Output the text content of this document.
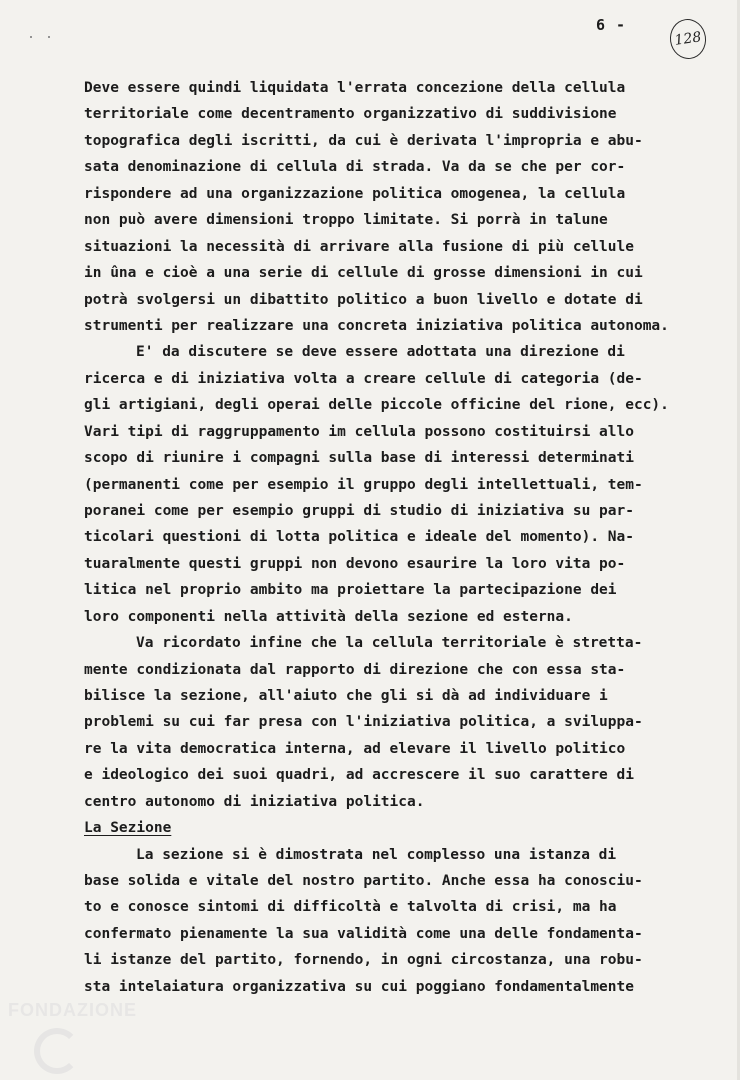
6 -
128
Deve essere quindi liquidata l'errata concezione della cellula
territoriale come decentramento organizzativo di suddivisione
topografica degli iscritti, da cui è derivata l'impropria e abu-
sata denominazione di cellula di strada. Va da se che per cor-
rispondere ad una organizzazione politica omogenea, la cellula
non può avere dimensioni troppo limitate. Si porrà in talune
situazioni la necessità di arrivare alla fusione di più cellule
in ûna e cioè a una serie di cellule di grosse dimensioni in cui
potrà svolgersi un dibattito politico a buon livello e dotate di
strumenti per realizzare una concreta iniziativa politica autonoma.
E' da discutere se deve essere adottata una direzione di
ricerca e di iniziativa volta a creare cellule di categoria (de-
gli artigiani, degli operai delle piccole officine del rione, ecc).
Vari tipi di raggruppamento im cellula possono costituirsi allo
scopo di riunire i compagni sulla base di interessi determinati
(permanenti come per esempio il gruppo degli intellettuali, tem-
poranei come per esempio gruppi di studio di iniziativa su par-
ticolari questioni di lotta politica e ideale del momento). Na-
tuaralmente questi gruppi non devono esaurire la loro vita po-
litica nel proprio ambito ma proiettare la partecipazione dei
loro componenti nella attività della sezione ed esterna.
Va ricordato infine che la cellula territoriale è stretta-
mente condizionata dal rapporto di direzione che con essa sta-
bilisce la sezione, all'aiuto che gli si dà ad individuare i
problemi su cui far presa con l'iniziativa politica, a sviluppa-
re la vita democratica interna, ad elevare il livello politico
e ideologico dei suoi quadri, ad accrescere il suo carattere di
centro autonomo di iniziativa politica.
La Sezione
La sezione si è dimostrata nel complesso una istanza di
base solida e vitale del nostro partito. Anche essa ha conosciu-
to e conosce sintomi di difficoltà e talvolta di crisi, ma ha
confermato pienamente la sua validità come una delle fondamenta-
li istanze del partito, fornendo, in ogni circostanza, una robu-
sta intelaiatura organizzativa su cui poggiano fondamentalmente
FONDAZIONE
